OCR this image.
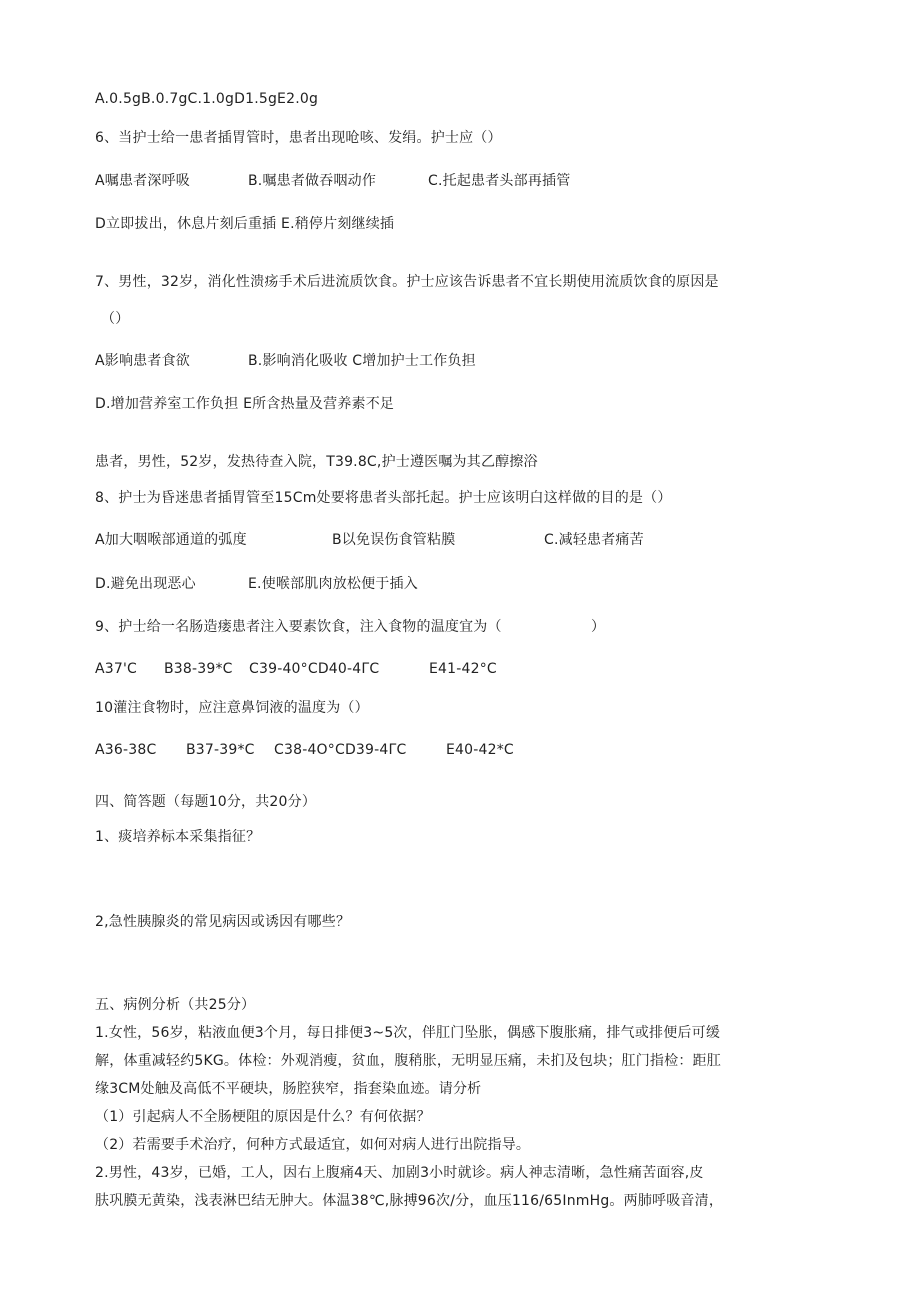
A.0.5gB.0.7gC.1.0gD1.5gE2.0g
6、当护士给一患者插胃管时，患者出现呛咳、发绢。护士应（）
A嘱患者深呼吸	B.嘱患者做吞咽动作	C.托起患者头部再插管
D立即拔出，休息片刻后重插 E.稍停片刻继续插
7、男性，32岁，消化性溃疡手术后进流质饮食。护士应该告诉患者不宜长期使用流质饮食的原因是
（）
A影响患者食欲	B.影响消化吸收 C增加护士工作负担
D.增加营养室工作负担 E所含热量及营养素不足
患者，男性，52岁，发热待查入院，T39.8C,护士遵医嘱为其乙醇擦浴
8、护士为昏迷患者插胃管至15Cm处要将患者头部托起。护士应该明白这样做的目的是（）
A加大咽喉部通道的弧度	B以免误伤食管粘膜	C.减轻患者痛苦
D.避免出现恶心	E.使喉部肌肉放松便于插入
9、护士给一名肠造瘘患者注入要素饮食，注入食物的温度宜为（	）
A37'C B38-39*C C39-40°CD40-4ΓC	E41-42°C
10灌注食物时，应注意鼻饲液的温度为（）
A36-38C B37-39*C C38-4O°CD39-4ΓC	E40-42*C
四、简答题（每题10分，共20分）
1、痰培养标本采集指征？
2,急性胰腺炎的常见病因或诱因有哪些？
五、病例分析（共25分）
1.女性，56岁，粘液血便3个月，每日排便3~5次，伴肛门坠胀，偶感下腹胀痛，排气或排便后可缓
解，体重减轻约5KG。体检：外观消瘦，贫血，腹稍胀，无明显压痛，未扪及包块；肛门指检：距肛
缘3CM处触及高低不平硬块，肠腔狭窄，指套染血迹。请分析
（1）引起病人不全肠梗阻的原因是什么？有何依据？
（2）若需要手术治疗，何种方式最适宜，如何对病人进行出院指导。
2.男性，43岁，已婚，工人，因右上腹痛4天、加剧3小时就诊。病人神志清晰，急性痛苦面容,皮
肤巩膜无黄染，浅表淋巴结无肿大。体温38℃,脉搏96次/分，血压116/65InmHg。两肺呼吸音清，
